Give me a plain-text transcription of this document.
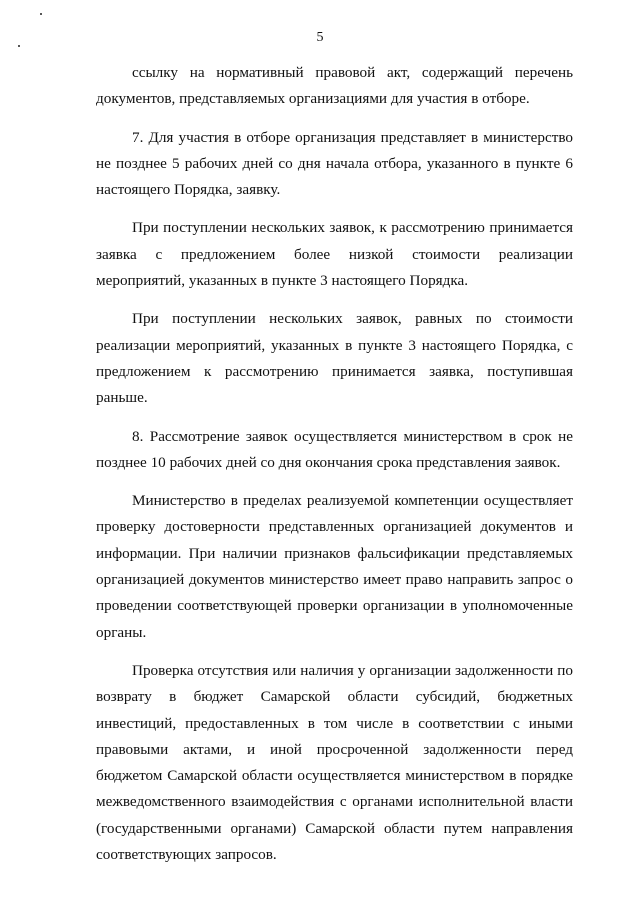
5

ссылку на нормативный правовой акт, содержащий перечень документов, представляемых организациями для участия в отборе.

7. Для участия в отборе организация представляет в министерство не позднее 5 рабочих дней со дня начала отбора, указанного в пункте 6 настоящего Порядка, заявку.

При поступлении нескольких заявок, к рассмотрению принимается заявка с предложением более низкой стоимости реализации мероприятий, указанных в пункте 3 настоящего Порядка.

При поступлении нескольких заявок, равных по стоимости реализации мероприятий, указанных в пункте 3 настоящего Порядка, с предложением к рассмотрению принимается заявка, поступившая раньше.

8. Рассмотрение заявок осуществляется министерством в срок не позднее 10 рабочих дней со дня окончания срока представления заявок.

Министерство в пределах реализуемой компетенции осуществляет проверку достоверности представленных организацией документов и информации. При наличии признаков фальсификации представляемых организацией документов министерство имеет право направить запрос о проведении соответствующей проверки организации в уполномоченные органы.

Проверка отсутствия или наличия у организации задолженности по возврату в бюджет Самарской области субсидий, бюджетных инвестиций, предоставленных в том числе в соответствии с иными правовыми актами, и иной просроченной задолженности перед бюджетом Самарской области осуществляется министерством в порядке межведомственного взаимодействия с органами исполнительной власти (государственными органами) Самарской области путем направления соответствующих запросов.
